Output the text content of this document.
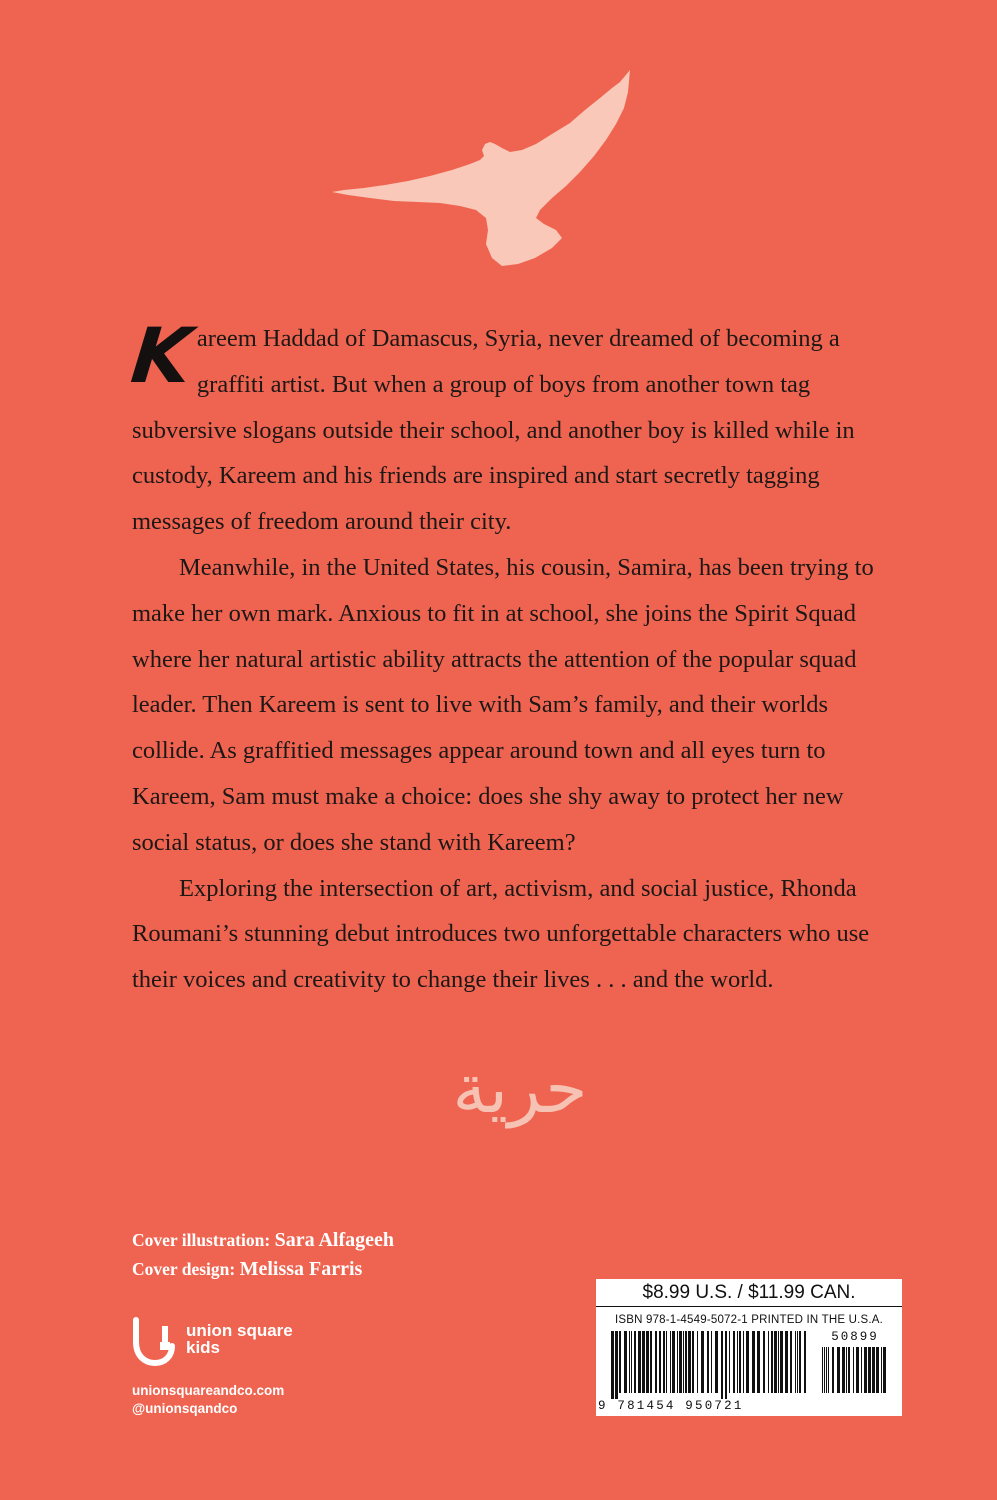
Kareem Haddad of Damascus, Syria, never dreamed of becoming a graffiti artist. But when a group of boys from another town tag subversive slogans outside their school, and another boy is killed while in custody, Kareem and his friends are inspired and start secretly tagging messages of freedom around their city.

Meanwhile, in the United States, his cousin, Samira, has been trying to make her own mark. Anxious to fit in at school, she joins the Spirit Squad where her natural artistic ability attracts the attention of the popular squad leader. Then Kareem is sent to live with Sam’s family, and their worlds collide. As graffitied messages appear around town and all eyes turn to Kareem, Sam must make a choice: does she shy away to protect her new social status, or does she stand with Kareem?

Exploring the intersection of art, activism, and social justice, Rhonda Roumani’s stunning debut introduces two unforgettable characters who use their voices and creativity to change their lives . . . and the world.

حرية
Cover illustration: Sara Alfageeh
Cover design: Melissa Farris
union square
kids
unionsquareandco.com
@unionsqandco
$8.99 U.S. / $11.99 CAN.
ISBN 978-1-4549-5072-1 PRINTED IN THE U.S.A.
50899
9 781454 950721
